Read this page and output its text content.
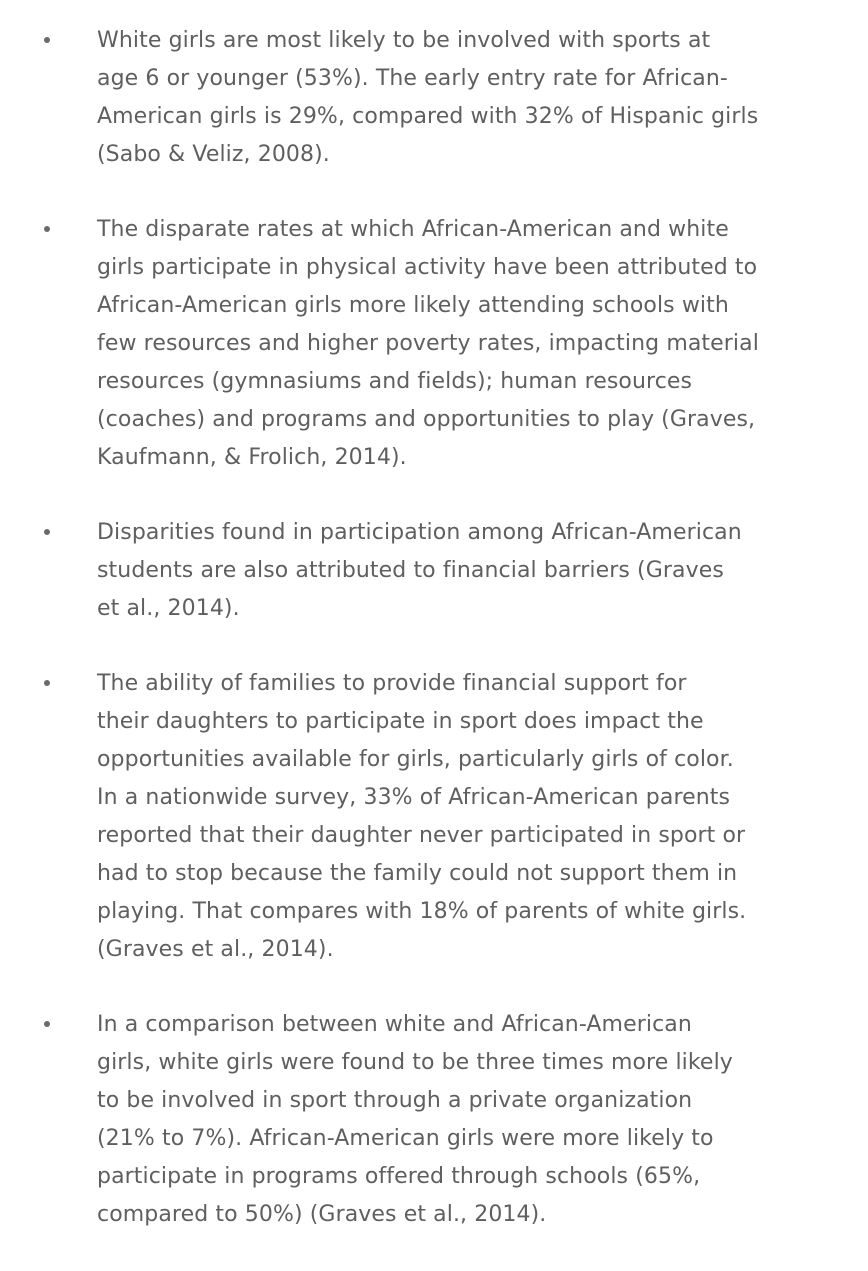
White girls are most likely to be involved with sports at
age 6 or younger (53%). The early entry rate for African-
American girls is 29%, compared with 32% of Hispanic girls
(Sabo & Veliz, 2008).
The disparate rates at which African-American and white
girls participate in physical activity have been attributed to
African-American girls more likely attending schools with
few resources and higher poverty rates, impacting material
resources (gymnasiums and fields); human resources
(coaches) and programs and opportunities to play (Graves,
Kaufmann, & Frolich, 2014).
Disparities found in participation among African-American
students are also attributed to financial barriers (Graves
et al., 2014).
The ability of families to provide financial support for
their daughters to participate in sport does impact the
opportunities available for girls, particularly girls of color.
In a nationwide survey, 33% of African-American parents
reported that their daughter never participated in sport or
had to stop because the family could not support them in
playing. That compares with 18% of parents of white girls.
(Graves et al., 2014).
In a comparison between white and African-American
girls, white girls were found to be three times more likely
to be involved in sport through a private organization
(21% to 7%). African-American girls were more likely to
participate in programs offered through schools (65%,
compared to 50%) (Graves et al., 2014).
